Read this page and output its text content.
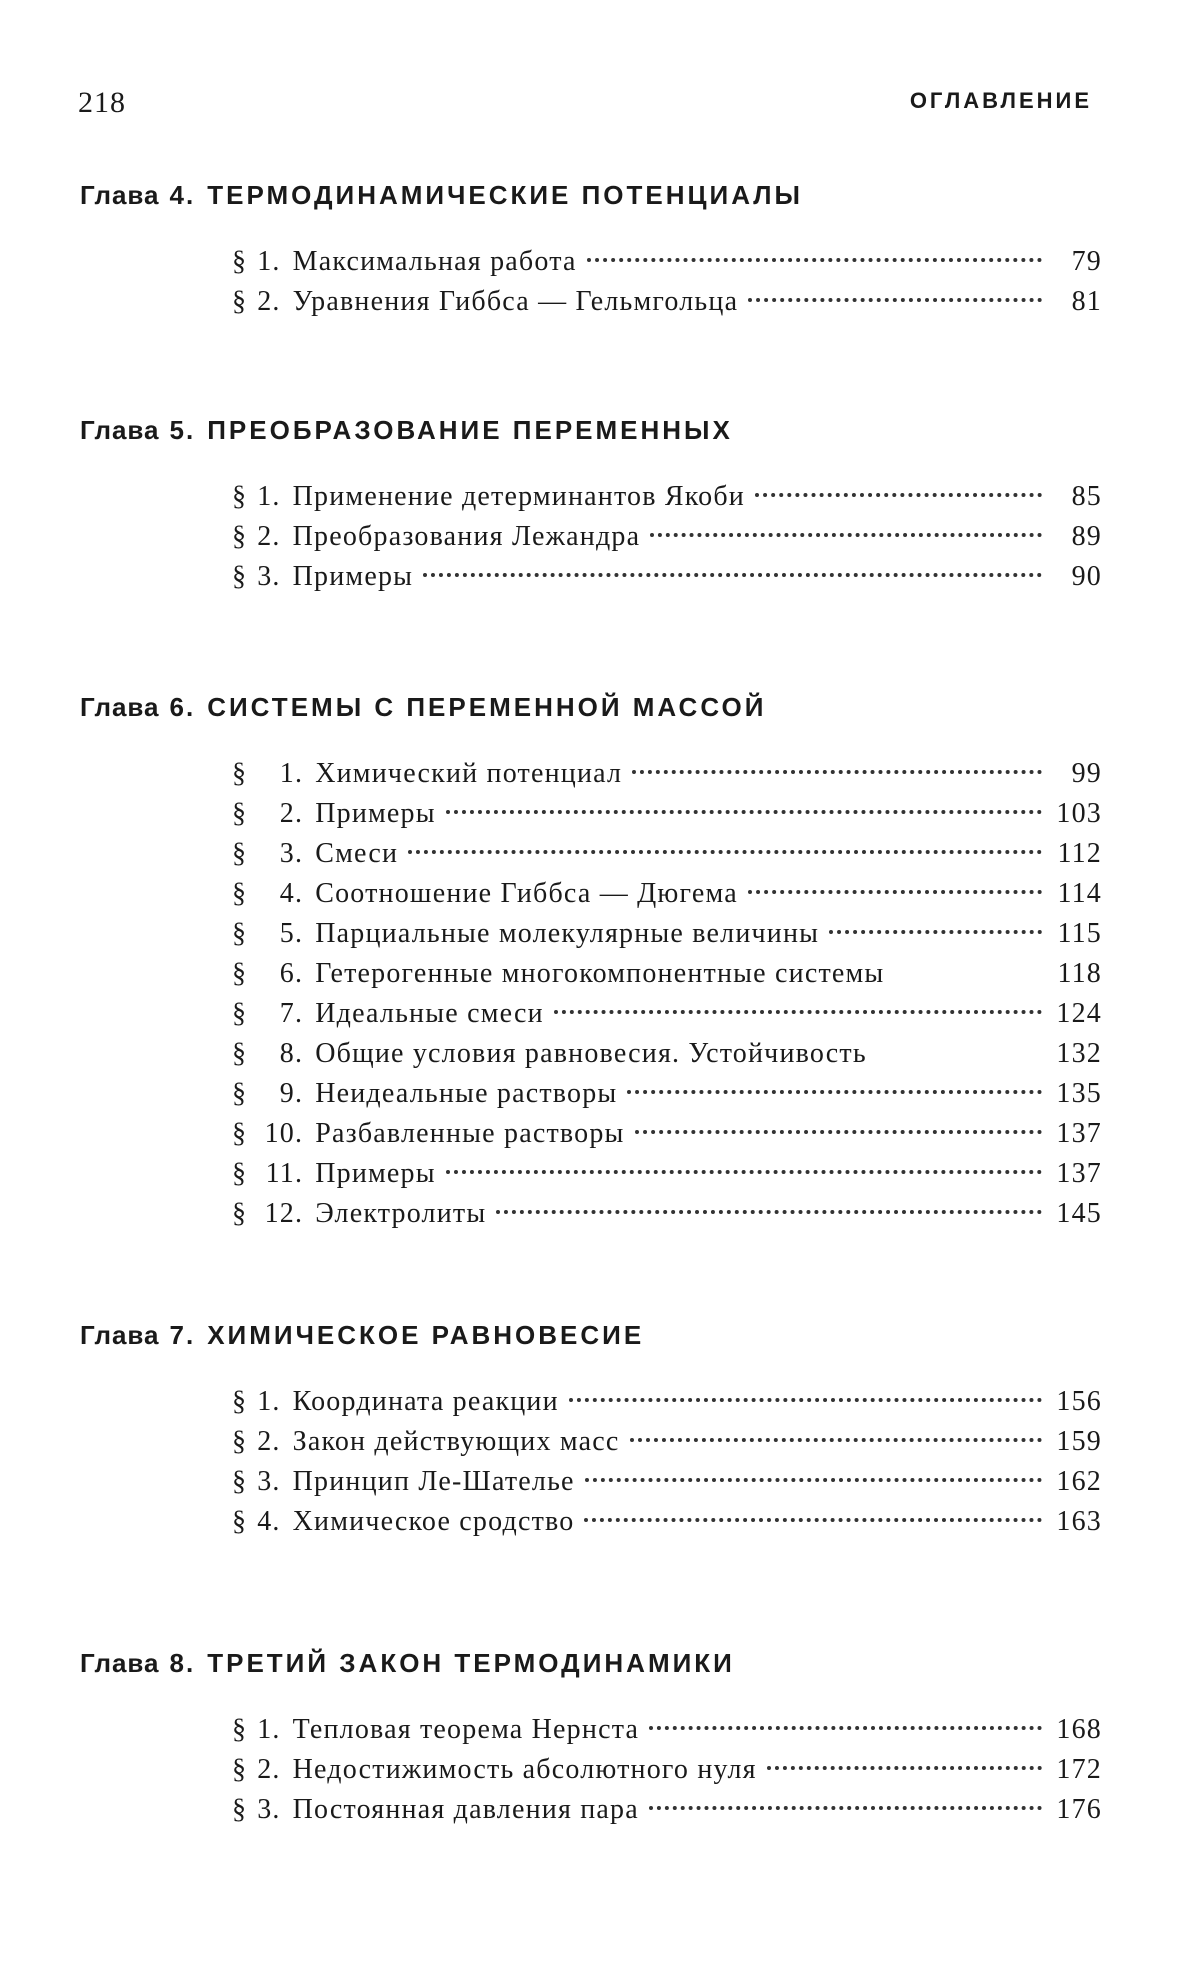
218	ОГЛАВЛЕНИЕ
Глава 4. ТЕРМОДИНАМИЧЕСКИЕ ПОТЕНЦИАЛЫ
§ 1. Максимальная работа	79
§ 2. Уравнения Гиббса — Гельмгольца	81
Глава 5. ПРЕОБРАЗОВАНИЕ ПЕРЕМЕННЫХ
§ 1. Применение детерминантов Якоби	85
§ 2. Преобразования Лежандра	89
§ 3. Примеры	90
Глава 6. СИСТЕМЫ С ПЕРЕМЕННОЙ МАССОЙ
§	1. Химический потенциал	99
§	2. Примеры	103
§	3. Смеси	112
§	4. Соотношение Гиббса — Дюгема	114
§	5. Парциальные молекулярные величины	115
§	6. Гетерогенные многокомпонентные системы	118
§	7. Идеальные смеси	124
§	8. Общие условия равновесия. Устойчивость	132
§	9. Неидеальные растворы	135
§ 10. Разбавленные растворы	137
§ 11. Примеры	137
§ 12. Электролиты	145
Глава 7. ХИМИЧЕСКОЕ РАВНОВЕСИЕ
§ 1. Координата реакции	156
§ 2. Закон действующих масс	159
§ 3. Принцип Ле-Шателье	162
§ 4. Химическое сродство	163
Глава 8. ТРЕТИЙ ЗАКОН ТЕРМОДИНАМИКИ
§ 1. Тепловая теорема Нернста	168
§ 2. Недостижимость абсолютного нуля	172
§ 3. Постоянная давления пара	176
